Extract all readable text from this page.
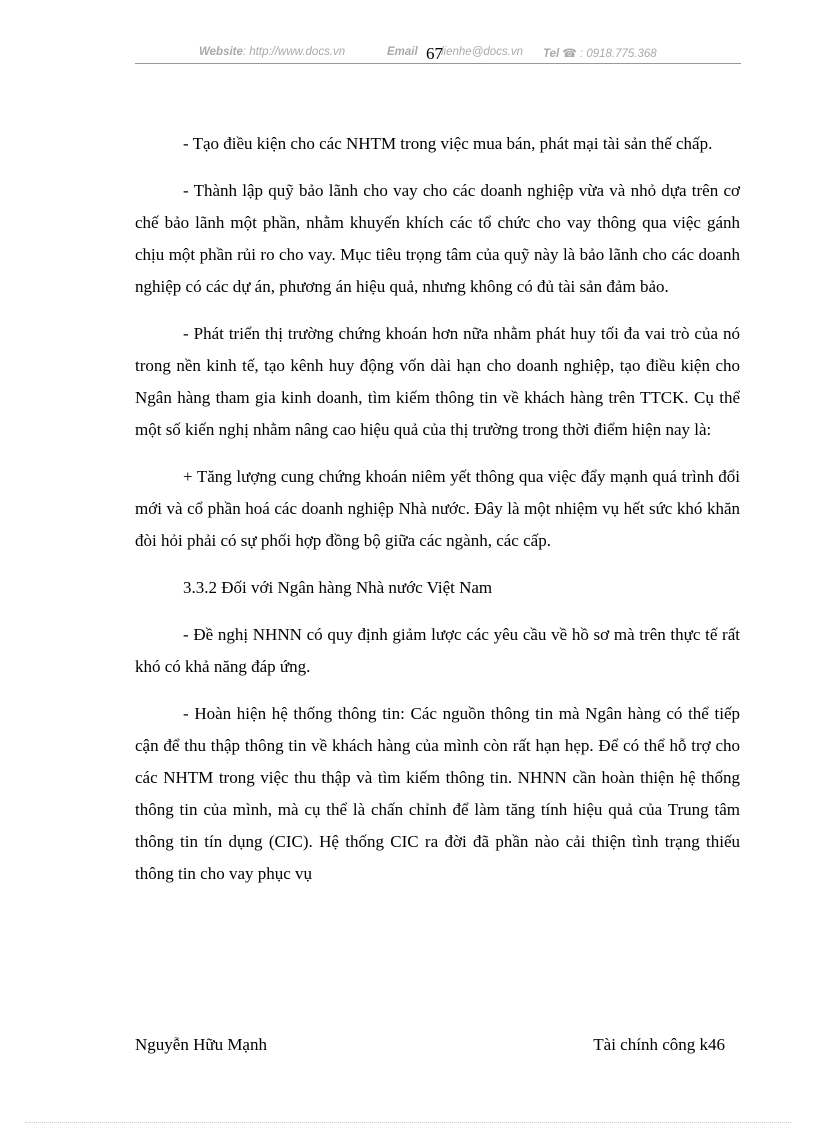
Website: http://www.docs.vn	Email lienhe@docs.vn Tel ☎ : 0918.775.368
67

- Tạo điều kiện cho các NHTM trong việc mua bán, phát mại tài sản thế chấp.

- Thành lập quỹ bảo lãnh cho vay cho các doanh nghiệp vừa và nhỏ dựa trên cơ chế bảo lãnh một phần, nhằm khuyến khích các tổ chức cho vay thông qua việc gánh chịu một phần rủi ro cho vay. Mục tiêu trọng tâm của quỹ này là bảo lãnh cho các doanh nghiệp có các dự án, phương án hiệu quả, nhưng không có đủ tài sản đảm bảo.

- Phát triển thị trường chứng khoán hơn nữa nhằm phát huy tối đa vai trò của nó trong nền kinh tế, tạo kênh huy động vốn dài hạn cho doanh nghiệp, tạo điều kiện cho Ngân hàng tham gia kinh doanh, tìm kiếm thông tin về khách hàng trên TTCK. Cụ thể một số kiến nghị nhằm nâng cao hiệu quả của thị trường trong thời điểm hiện nay là:

+ Tăng lượng cung chứng khoán niêm yết thông qua việc đẩy mạnh quá trình đổi mới và cổ phần hoá các doanh nghiệp Nhà nước. Đây là một nhiệm vụ hết sức khó khăn đòi hỏi phải có sự phối hợp đồng bộ giữa các ngành, các cấp.

3.3.2 Đối với Ngân hàng Nhà nước Việt Nam

- Đề nghị NHNN có quy định giảm lược các yêu cầu về hồ sơ mà trên thực tế rất khó có khả năng đáp ứng.

- Hoàn hiện hệ thống thông tin: Các nguồn thông tin mà Ngân hàng có thể tiếp cận để thu thập thông tin về khách hàng của mình còn rất hạn hẹp. Để có thể hỗ trợ cho các NHTM trong việc thu thập và tìm kiếm thông tin. NHNN cần hoàn thiện hệ thống thông tin của mình, mà cụ thể là chấn chỉnh để làm tăng tính hiệu quả của Trung tâm thông tin tín dụng (CIC). Hệ thống CIC ra đời đã phần nào cải thiện tình trạng thiếu thông tin cho vay phục vụ

Nguyễn Hữu Mạnh	Tài chính công k46
